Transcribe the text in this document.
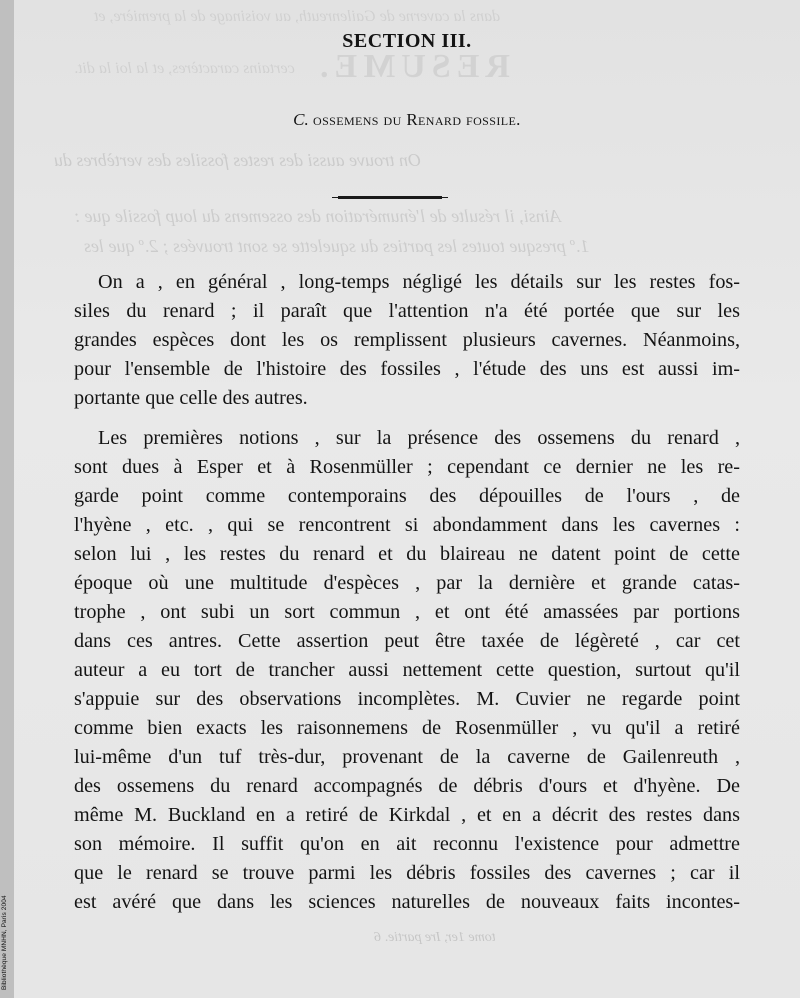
Bibliothèque MNHN, Paris 2004
RESUME.
On trouve aussi des restes fossiles des vertèbres du
Ainsi, il résulte de l'énumération des ossemens du loup fossile que :
1.º presque toutes les parties du squelette se sont trouvées ; 2.º que les
tome 1er, Ire partie. 6
dans la caverne de Gailenreuth, au voisinage de la première, et
certains caractères, et la loi la dit.
SECTION III.
C. ossemens du Renard fossile.
On a , en général , long-temps négligé les détails sur les restes fos-
siles du renard ; il paraît que l'attention n'a été portée que sur les
grandes espèces dont les os remplissent plusieurs cavernes. Néanmoins,
pour l'ensemble de l'histoire des fossiles , l'étude des uns est aussi im-
portante que celle des autres.
Les premières notions , sur la présence des ossemens du renard ,
sont dues à Esper et à Rosenmüller ; cependant ce dernier ne les re-
garde point comme contemporains des dépouilles de l'ours , de
l'hyène , etc. , qui se rencontrent si abondamment dans les cavernes :
selon lui , les restes du renard et du blaireau ne datent point de cette
époque où une multitude d'espèces , par la dernière et grande catas-
trophe , ont subi un sort commun , et ont été amassées par portions
dans ces antres. Cette assertion peut être taxée de légèreté , car cet
auteur a eu tort de trancher aussi nettement cette question, surtout qu'il
s'appuie sur des observations incomplètes. M. Cuvier ne regarde point
comme bien exacts les raisonnemens de Rosenmüller , vu qu'il a retiré
lui-même d'un tuf très-dur, provenant de la caverne de Gailenreuth ,
des ossemens du renard accompagnés de débris d'ours et d'hyène. De
même M. Buckland en a retiré de Kirkdal , et en a décrit des restes dans
son mémoire. Il suffit qu'on en ait reconnu l'existence pour admettre
que le renard se trouve parmi les débris fossiles des cavernes ; car il
est avéré que dans les sciences naturelles de nouveaux faits incontes-
